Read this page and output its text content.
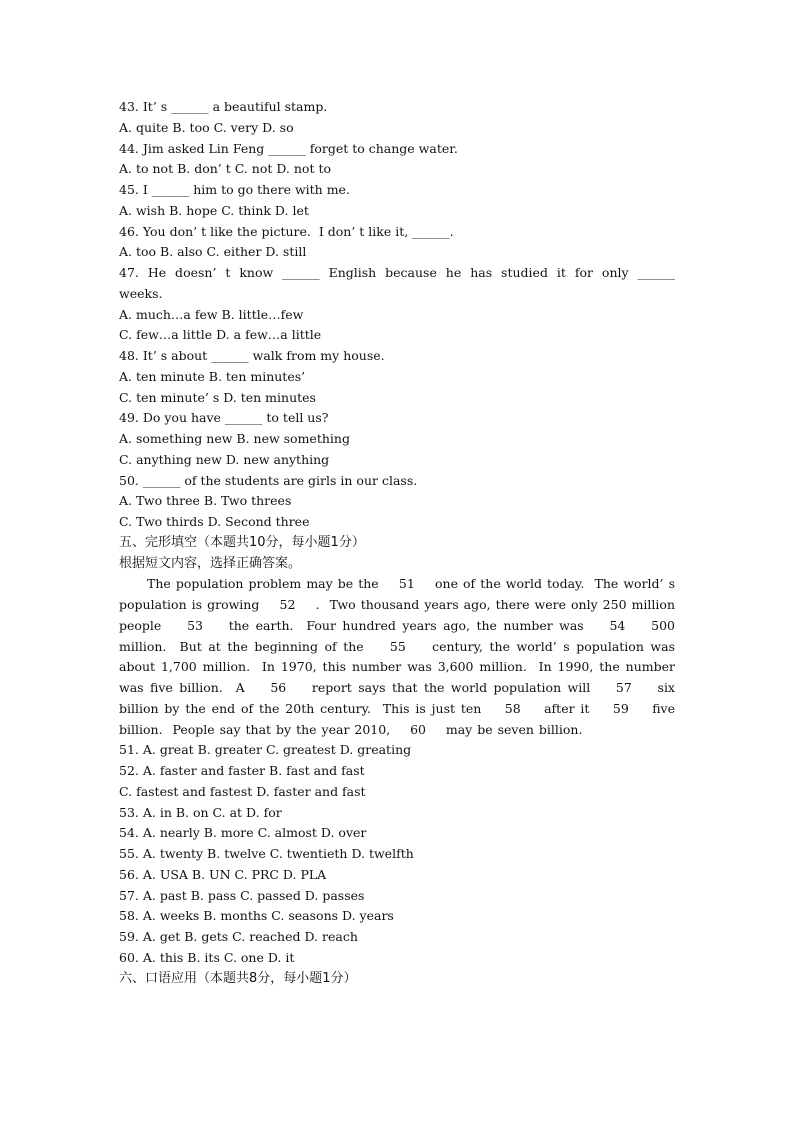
43. It’ s ______ a beautiful stamp.
A. quite B. too C. very D. so
44. Jim asked Lin Feng ______ forget to change water.
A. to not B. don’ t C. not D. not to
45. I ______ him to go there with me.
A. wish B. hope C. think D. let
46. You don’ t like the picture.  I don’ t like it, ______.
A. too B. also C. either D. still
47. He doesn’ t know ______ English because he has studied it for only ______ weeks.
A. much…a few B. little…few
C. few…a little D. a few…a little
48. It’ s about ______ walk from my house.
A. ten minute B. ten minutes’
C. ten minute’ s D. ten minutes
49. Do you have ______ to tell us?
A. something new B. new something
C. anything new D. new anything
50. ______ of the students are girls in our class.
A. Two three B. Two threes
C. Two thirds D. Second three
五、完形填空（本题共10分，每小题1分）
根据短文内容，选择正确答案。
The population problem may be the    51    one of the world today.  The world’ s population is growing    52    .  Two thousand years ago, there were only 250 million people    53    the earth.  Four hundred years ago, the number was    54    500 million.  But at the beginning of the    55    century, the world’ s population was about 1,700 million.  In 1970, this number was 3,600 million.  In 1990, the number was five billion.  A    56    report says that the world population will    57    six billion by the end of the 20th century.  This is just ten    58    after it    59    five billion.  People say that by the year 2010,    60    may be seven billion.
51. A. great B. greater C. greatest D. greating
52. A. faster and faster B. fast and fast
C. fastest and fastest D. faster and fast
53. A. in B. on C. at D. for
54. A. nearly B. more C. almost D. over
55. A. twenty B. twelve C. twentieth D. twelfth
56. A. USA B. UN C. PRC D. PLA
57. A. past B. pass C. passed D. passes
58. A. weeks B. months C. seasons D. years
59. A. get B. gets C. reached D. reach
60. A. this B. its C. one D. it
六、口语应用（本题共8分，每小题1分）
